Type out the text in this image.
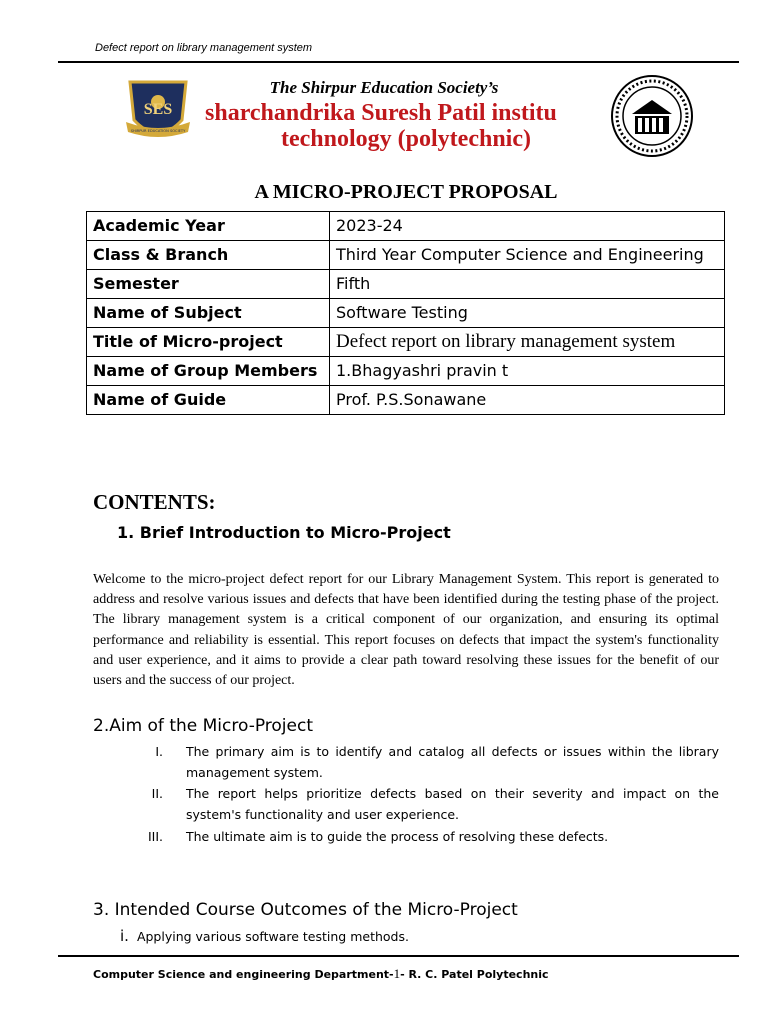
Defect report on library management system
SES
SHIRPUR EDUCATION SOCIETY
The Shirpur Education Society’s
sharchandrika Suresh Patil institu
technology (polytechnic)
A MICRO-PROJECT PROPOSAL
Academic Year	2023-24
Class & Branch	Third Year Computer Science and Engineering
Semester	Fifth
Name of Subject	Software Testing
Title of Micro-project	Defect report on library management system
Name of Group Members	1.Bhagyashri pravin t
Name of Guide	Prof. P.S.Sonawane
CONTENTS:
1. Brief Introduction to Micro-Project
Welcome to the micro-project defect report for our Library Management System. This report is generated to address and resolve various issues and defects that have been identified during the testing phase of the project. The library management system is a critical component of our organization, and ensuring its optimal performance and reliability is essential. This report focuses on defects that impact the system's functionality and user experience, and it aims to provide a clear path toward resolving these issues for the benefit of our users and the success of our project.
2.Aim of the Micro-Project
I. The primary aim is to identify and catalog all defects or issues within the library management system.
II. The report helps prioritize defects based on their severity and impact on the system's functionality and user experience.
III. The ultimate aim is to guide the process of resolving these defects.
3. Intended Course Outcomes of the Micro-Project
i. Applying various software testing methods.
Computer Science and engineering Department-1- R. C. Patel Polytechnic
